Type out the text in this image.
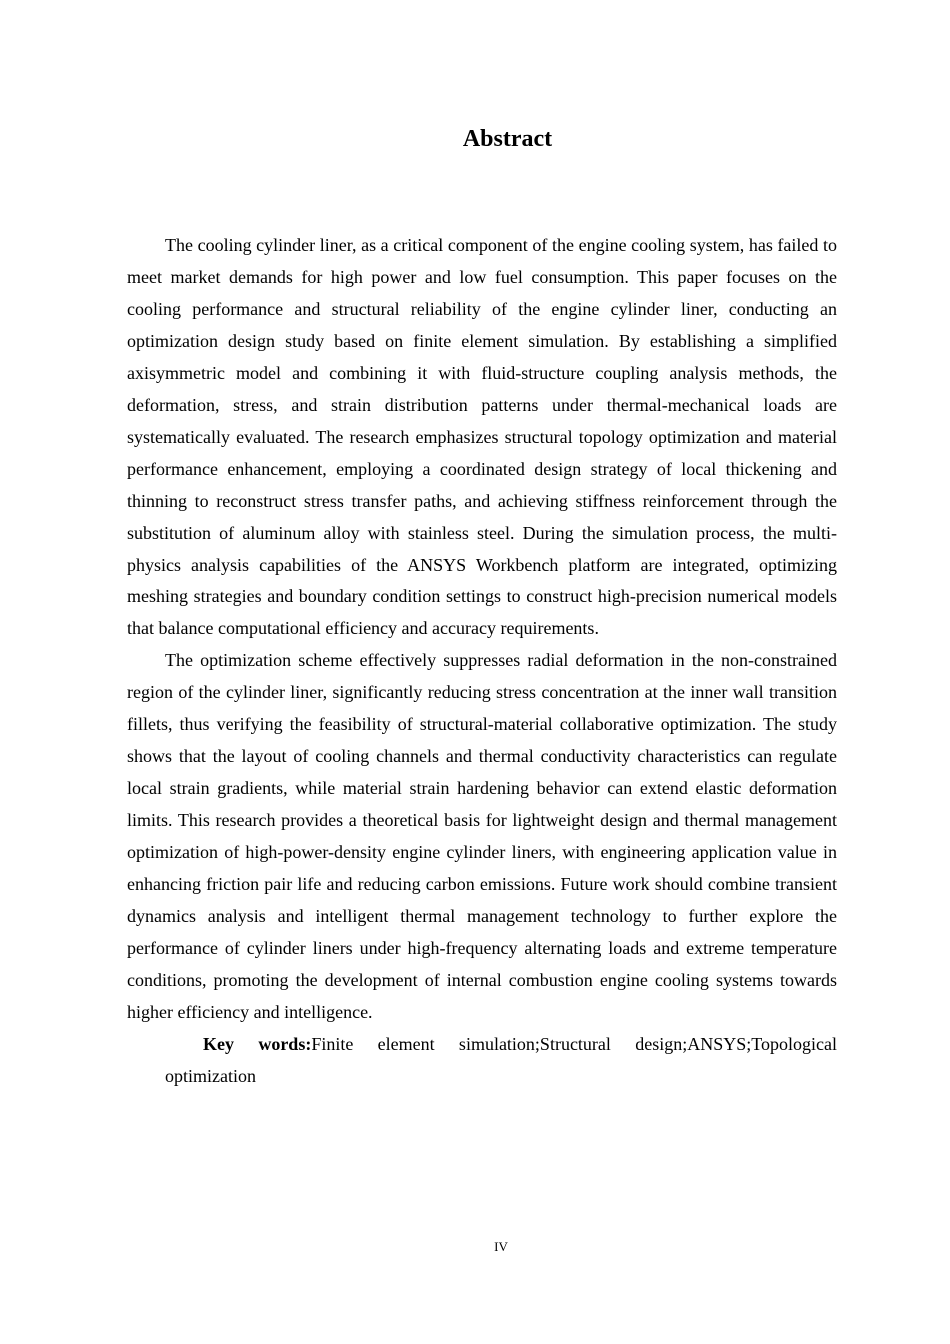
Abstract

The cooling cylinder liner, as a critical component of the engine cooling system, has failed to meet market demands for high power and low fuel consumption. This paper focuses on the cooling performance and structural reliability of the engine cylinder liner, conducting an optimization design study based on finite element simulation. By establishing a simplified axisymmetric model and combining it with fluid-structure coupling analysis methods, the deformation, stress, and strain distribution patterns under thermal-mechanical loads are systematically evaluated. The research emphasizes structural topology optimization and material performance enhancement, employing a coordinated design strategy of local thickening and thinning to reconstruct stress transfer paths, and achieving stiffness reinforcement through the substitution of aluminum alloy with stainless steel. During the simulation process, the multi-physics analysis capabilities of the ANSYS Workbench platform are integrated, optimizing meshing strategies and boundary condition settings to construct high-precision numerical models that balance computational efficiency and accuracy requirements.

The optimization scheme effectively suppresses radial deformation in the non-constrained region of the cylinder liner, significantly reducing stress concentration at the inner wall transition fillets, thus verifying the feasibility of structural-material collaborative optimization. The study shows that the layout of cooling channels and thermal conductivity characteristics can regulate local strain gradients, while material strain hardening behavior can extend elastic deformation limits. This research provides a theoretical basis for lightweight design and thermal management optimization of high-power-density engine cylinder liners, with engineering application value in enhancing friction pair life and reducing carbon emissions. Future work should combine transient dynamics analysis and intelligent thermal management technology to further explore the performance of cylinder liners under high-frequency alternating loads and extreme temperature conditions, promoting the development of internal combustion engine cooling systems towards higher efficiency and intelligence.

Key words:Finite element simulation;Structural design;ANSYS;Topological optimization

IV
